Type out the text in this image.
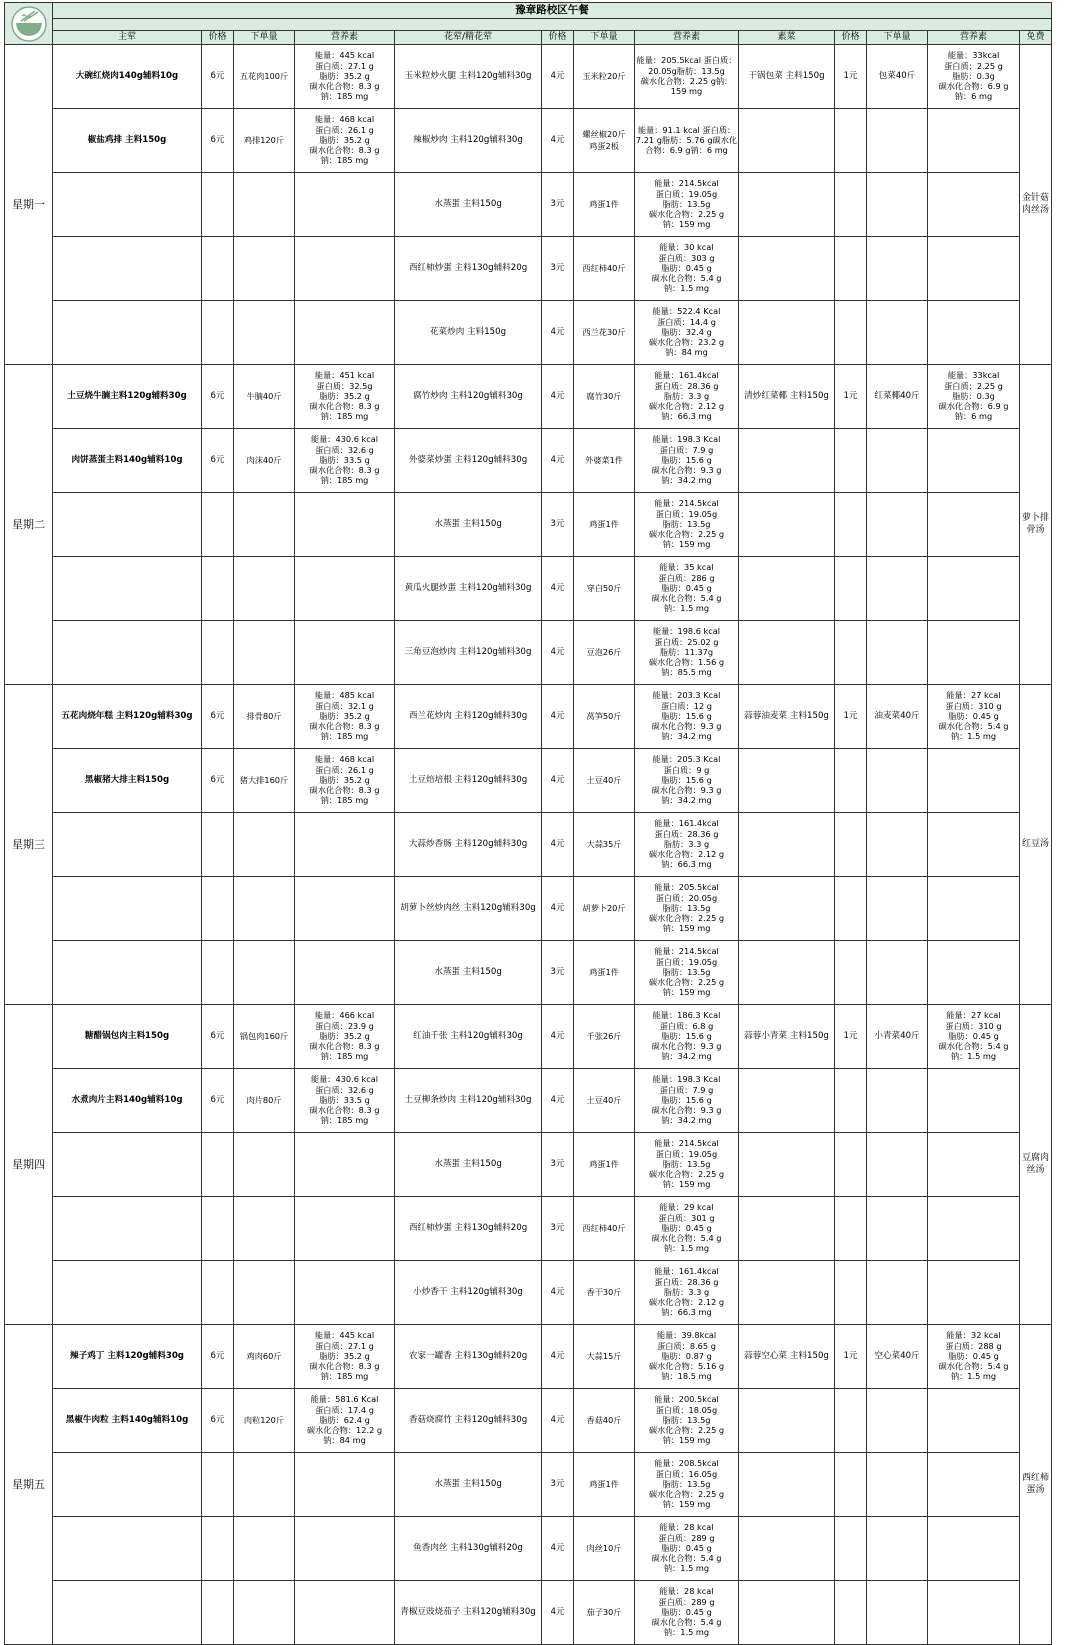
	豫章路校区午餐												

	主荤	价格	下单量	营养素	花荤/精花荤	价格	下单量	营养素	素菜	价格	下单量	营养素	免费
星期一	大碗红烧肉140g辅料10g	6元	五花肉100斤	能量：445 kcal
蛋白质：27.1 g
脂肪：35.2 g
碳水化合物：8.3 g
钠：185 mg	玉米粒炒火腿 主料120g辅料30g	4元	玉米粒20斤	能量：205.5kcal 蛋白质：20.05g脂肪：13.5g
碳水化合物：2.25 g钠：159 mg	干锅包菜 主料150g	1元	包菜40斤	能量：33kcal
蛋白质：2.25 g
脂肪：0.3g
碳水化合物：6.9 g
钠：6 mg	金针菇肉丝汤
	椒盐鸡排 主料150g	6元	鸡排120斤	能量：468 kcal
蛋白质：26.1 g
脂肪：35.2 g
碳水化合物：8.3 g
钠：185 mg	辣椒炒肉 主料120g辅料30g	4元	螺丝椒20斤
鸡蛋2板	能量：91.1 kcal 蛋白质：7.21 g脂肪：5.76 g碳水化合物：6.9 g钠：6 mg					
					水蒸蛋 主料150g	3元	鸡蛋1件	能量：214.5kcal
蛋白质：19.05g
脂肪：13.5g
碳水化合物：2.25 g
钠：159 mg					
					西红柿炒蛋 主料130g辅料20g	3元	西红柿40斤	能量：30 kcal
蛋白质：303 g
脂肪：0.45 g
碳水化合物：5.4 g
钠：1.5 mg					
					花菜炒肉 主料150g	4元	西兰花30斤	能量：522.4 Kcal
蛋白质：14.4 g
脂肪：32.4 g
碳水化合物：23.2 g
钠：84 mg					
星期二	土豆烧牛腩主料120g辅料30g	6元	牛腩40斤	能量：451 kcal
蛋白质：32.5g
脂肪：35.2 g
碳水化合物：8.3 g
钠：185 mg	腐竹炒肉 主料120g辅料30g	4元	腐竹30斤	能量：161.4kcal
蛋白质：28.36 g
脂肪：3.3 g
碳水化合物：2.12 g
钠：66.3 mg	清炒红菜椰 主料150g	1元	红菜椰40斤	能量：33kcal
蛋白质：2.25 g
脂肪：0.3g
碳水化合物：6.9 g
钠：6 mg	萝卜排骨汤
	肉饼蒸蛋主料140g辅料10g	6元	肉沫40斤	能量：430.6 kcal
蛋白质：32.6 g
脂肪：33.5 g
碳水化合物：8.3 g
钠：185 mg	外婆菜炒蛋 主料120g辅料30g	4元	外婆菜1件	能量：198.3 Kcal
蛋白质：7.9 g
脂肪：15.6 g
碳水化合物：9.3 g
钠：34.2 mg					
					水蒸蛋 主料150g	3元	鸡蛋1件	能量：214.5kcal
蛋白质：19.05g
脂肪：13.5g
碳水化合物：2.25 g
钠：159 mg					
					黄瓜火腿炒蛋 主料120g辅料30g	4元	穿白50斤	能量：35 kcal
蛋白质：286 g
脂肪：0.45 g
碳水化合物：5.4 g
钠：1.5 mg					
					三角豆泡炒肉 主料120g辅料30g	4元	豆泡26斤	能量：198.6 kcal
蛋白质：25.02 g
脂肪：11.37g
碳水化合物：1.56 g
钠：85.5 mg					
星期三	五花肉烧年糕 主料120g辅料30g	6元	排骨80斤	能量：485 kcal
蛋白质：32.1 g
脂肪：35.2 g
碳水化合物：8.3 g
钠：185 mg	西兰花炒肉 主料120g辅料30g	4元	莴笋50斤	能量：203.3 Kcal
蛋白质：12 g
脂肪：15.6 g
碳水化合物：9.3 g
钠：34.2 mg	蒜蓉油麦菜 主料150g	1元	油麦菜40斤	能量：27 kcal
蛋白质：310 g
脂肪：0.45 g
碳水化合物：5.4 g
钠：1.5 mg	红豆汤
	黑椒猪大排主料150g	6元	猪大排160斤	能量：468 kcal
蛋白质：26.1 g
脂肪：35.2 g
碳水化合物：8.3 g
钠：185 mg	土豆焙培根 主料120g辅料30g	4元	土豆40斤	能量：205.3 Kcal
蛋白质：9 g
脂肪：15.6 g
碳水化合物：9.3 g
钠：34.2 mg					
					大蒜炒香肠 主料120g辅料30g	4元	大蒜35斤	能量：161.4kcal
蛋白质：28.36 g
脂肪：3.3 g
碳水化合物：2.12 g
钠：66.3 mg					
					胡萝卜丝炒肉丝 主料120g辅料30g	4元	胡萝卜20斤	能量：205.5kcal
蛋白质：20.05g
脂肪：13.5g
碳水化合物：2.25 g
钠：159 mg					
					水蒸蛋 主料150g	3元	鸡蛋1件	能量：214.5kcal
蛋白质：19.05g
脂肪：13.5g
碳水化合物：2.25 g
钠：159 mg					
星期四	糖醋锅包肉主料150g	6元	锅包肉160斤	能量：466 kcal
蛋白质：23.9 g
脂肪：35.2 g
碳水化合物：8.3 g
钠：185 mg	红油千张 主料120g辅料30g	4元	千张26斤	能量：186.3 Kcal
蛋白质：6.8 g
脂肪：15.6 g
碳水化合物：9.3 g
钠：34.2 mg	蒜蓉小青菜 主料150g	1元	小青菜40斤	能量：27 kcal
蛋白质：310 g
脂肪：0.45 g
碳水化合物：5.4 g
钠：1.5 mg	豆腐肉丝汤
	水煮肉片主料140g辅料10g	6元	肉片80斤	能量：430.6 kcal
蛋白质：32.6 g
脂肪：33.5 g
碳水化合物：8.3 g
钠：185 mg	土豆柳条炒肉 主料120g辅料30g	4元	土豆40斤	能量：198.3 Kcal
蛋白质：7.9 g
脂肪：15.6 g
碳水化合物：9.3 g
钠：34.2 mg					
					水蒸蛋 主料150g	3元	鸡蛋1件	能量：214.5kcal
蛋白质：19.05g
脂肪：13.5g
碳水化合物：2.25 g
钠：159 mg					
					西红柿炒蛋 主料130g辅料20g	3元	西红柿40斤	能量：29 kcal
蛋白质：301 g
脂肪：0.45 g
碳水化合物：5.4 g
钠：1.5 mg					
					小炒香干 主料120g辅料30g	4元	香干30斤	能量：161.4kcal
蛋白质：28.36 g
脂肪：3.3 g
碳水化合物：2.12 g
钠：66.3 mg					
星期五	辣子鸡丁 主料120g辅料30g	6元	鸡肉60斤	能量：445 kcal
蛋白质：27.1 g
脂肪：35.2 g
碳水化合物：8.3 g
钠：185 mg	农家一罐香 主料130g辅料20g	4元	大蒜15斤	能量：39.8kcal
蛋白质：8.65 g
脂肪：0.87 g
碳水化合物：5.16 g
钠：18.5 mg	蒜蓉空心菜 主料150g	1元	空心菜40斤	能量：32 kcal
蛋白质：288 g
脂肪：0.45 g
碳水化合物：5.4 g
钠：1.5 mg	西红柿蛋汤
	黑椒牛肉粒 主料140g辅料10g	6元	肉粒120斤	能量：581.6 Kcal
蛋白质：17.4 g
脂肪：62.4 g
碳水化合物：12.2 g
钠：84 mg	香菇烧腐竹 主料120g辅料30g	4元	香菇40斤	能量：200.5kcal
蛋白质：18.05g
脂肪：13.5g
碳水化合物：2.25 g
钠：159 mg					
					水蒸蛋 主料150g	3元	鸡蛋1件	能量：208.5kcal
蛋白质：16.05g
脂肪：13.5g
碳水化合物：2.25 g
钠：159 mg					
					鱼香肉丝 主料130g辅料20g	4元	肉丝10斤	能量：28 kcal
蛋白质：289 g
脂肪：0.45 g
碳水化合物：5.4 g
钠：1.5 mg					
					青椒豆豉烧茄子 主料120g辅料30g	4元	茄子30斤	能量：28 kcal
蛋白质：289 g
脂肪：0.45 g
碳水化合物：5.4 g
钠：1.5 mg					
